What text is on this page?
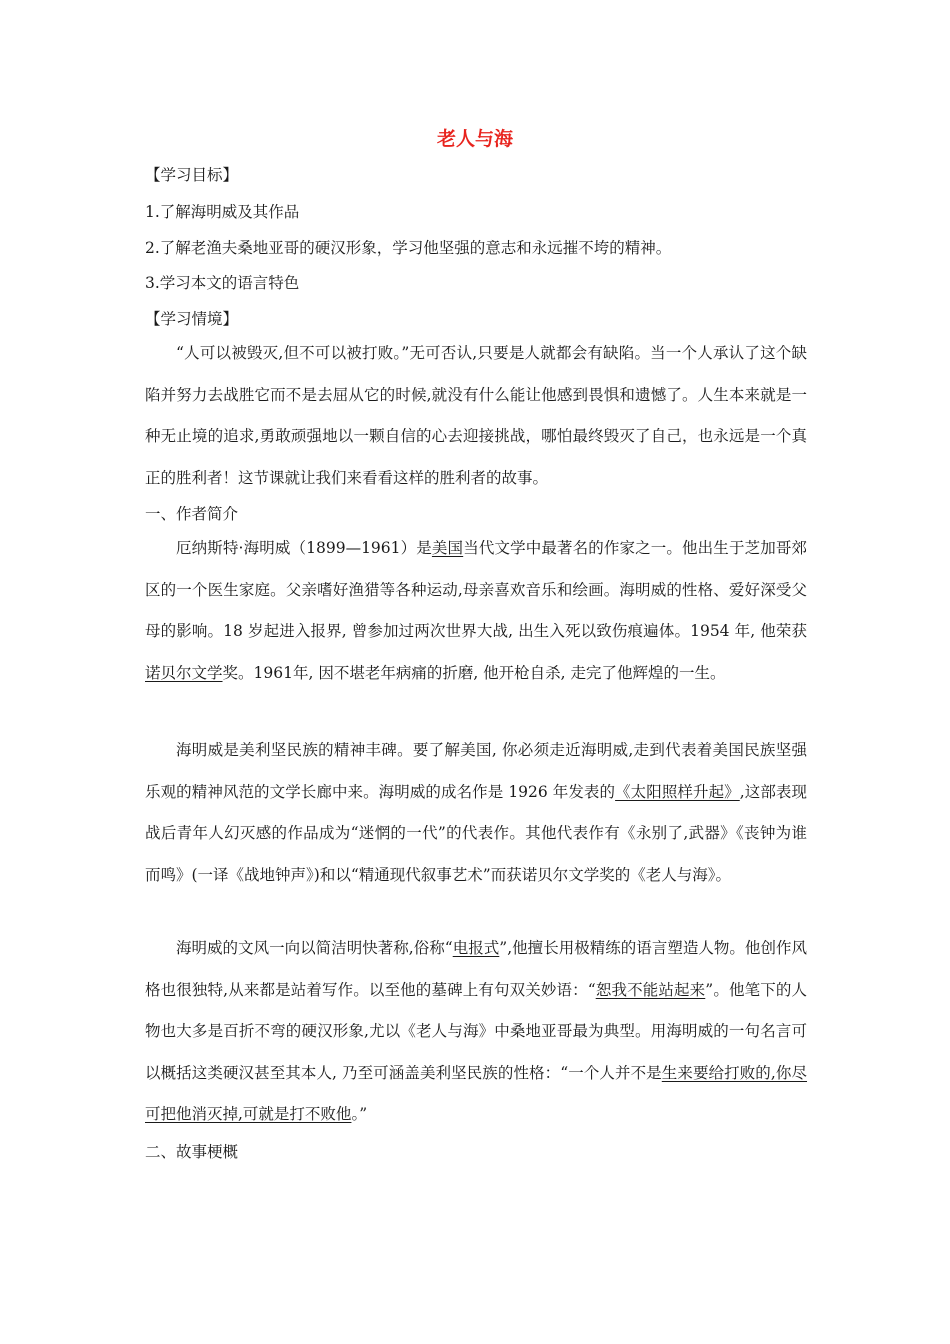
老人与海
【学习目标】
1.了解海明威及其作品
2.了解老渔夫桑地亚哥的硬汉形象，学习他坚强的意志和永远摧不垮的精神。
3.学习本文的语言特色
【学习情境】
“人可以被毁灭,但不可以被打败。”无可否认,只要是人就都会有缺陷。当一个人承认了这个缺陷并努力去战胜它而不是去屈从它的时候,就没有什么能让他感到畏惧和遗憾了。人生本来就是一种无止境的追求,勇敢顽强地以一颗自信的心去迎接挑战，哪怕最终毁灭了自己，也永远是一个真正的胜利者！这节课就让我们来看看这样的胜利者的故事。
一、作者简介
厄纳斯特·海明威（1899—1961）是美国当代文学中最著名的作家之一。他出生于芝加哥郊区的一个医生家庭。父亲嗜好渔猎等各种运动,母亲喜欢音乐和绘画。海明威的性格、爱好深受父母的影响。18 岁起进入报界, 曾参加过两次世界大战, 出生入死以致伤痕遍体。1954 年, 他荣获诺贝尔文学奖。1961年, 因不堪老年病痛的折磨, 他开枪自杀, 走完了他辉煌的一生。
海明威是美利坚民族的精神丰碑。要了解美国, 你必须走近海明威,走到代表着美国民族坚强乐观的精神风范的文学长廊中来。海明威的成名作是 1926 年发表的《太阳照样升起》,这部表现战后青年人幻灭感的作品成为“迷惘的一代”的代表作。其他代表作有《永别了,武器》《丧钟为谁而鸣》(一译《战地钟声》)和以“精通现代叙事艺术”而获诺贝尔文学奖的《老人与海》。
海明威的文风一向以简洁明快著称,俗称“电报式”,他擅长用极精练的语言塑造人物。他创作风格也很独特,从来都是站着写作。以至他的墓碑上有句双关妙语：“恕我不能站起来”。他笔下的人物也大多是百折不弯的硬汉形象,尤以《老人与海》中桑地亚哥最为典型。用海明威的一句名言可以概括这类硬汉甚至其本人, 乃至可涵盖美利坚民族的性格：“一个人并不是生来要给打败的,你尽可把他消灭掉,可就是打不败他。”
二、故事梗概
